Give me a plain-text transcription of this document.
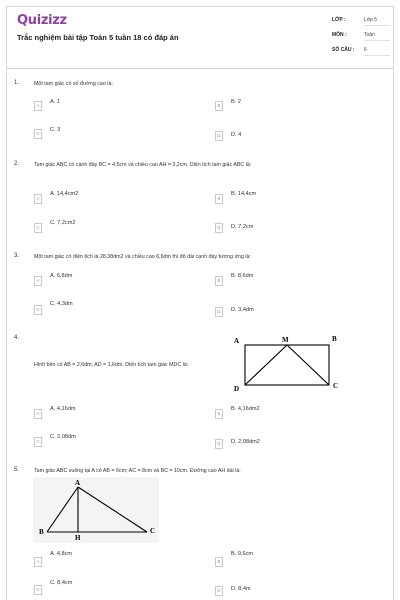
Quizizz
Trắc nghiệm bài tập Toán 5 tuần 18 có đáp án
LỚP :	Lớp 5
MÔN :	Toán
SỐ CÂU : 6
1.	Một tam giác có số đường cao là:
A
A. 1
B
B. 2
C
C. 3
D	D. 4
2.	Tam giác ABC có cạnh đáy BC = 4,5cm và chiều cao AH = 3,2cm. Diện tích tam giác ABC là:
A
A. 14,4cm2
B
B. 14,4cm
C
C. 7,2cm2
D	D. 7,2cm
3.	Một tam giác có diện tích là 28,38dm2 và chiều cao 6,6dm thì độ dài cạnh đáy tương ứng là:
A
A. 6,8dm
B
B. 8,6dm
C
C. 4,3dm
D	D. 3,4dm
4.	A	M	B
D	C
Hình bên có AB = 2,6dm; AD = 1,6dm. Diện tích tam giác MDC là:
A
A. 4,16dm
B
B. 4,16dm2
C
C. 2,08dm
D	D. 2,08dm2
5.	Tam giác ABC vuông tại A có AB = 6cm; AC = 8cm và BC = 10cm. Đường cao AH dài là:
A
B
H
C
A
A. 4,8cm
B
B. 9,6cm
C
C. 8,4cm
D	D. 8,4m
